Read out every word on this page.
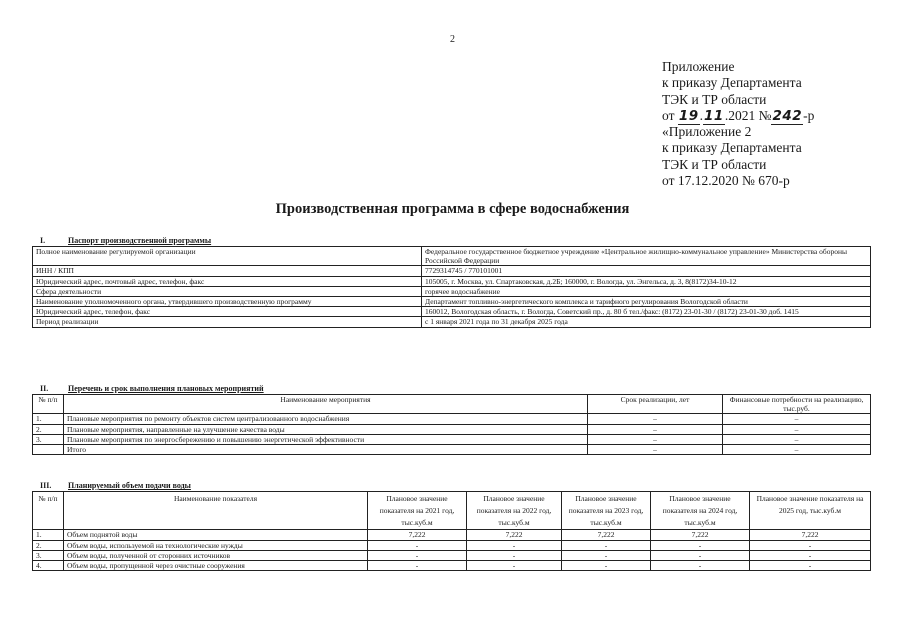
2
Приложение
к приказу Департамента
ТЭК и ТР области
от 19.11.2021 №242-р
«Приложение 2
к приказу Департамента
ТЭК и ТР области
от 17.12.2020 № 670-р
Производственная программа в сфере водоснабжения
I.	Паспорт производственной программы
Полное наименование регулируемой организации	Федеральное государственное бюджетное учреждение «Центральное жилищно-коммунальное управление» Министерства обороны Российской Федерации
ИНН / КПП	7729314745 / 770101001
Юридический адрес, почтовый адрес, телефон, факс	105005, г. Москва, ул. Спартаковская, д.2Б; 160000, г. Вологда, ул. Энгельса, д. 3, 8(8172)34-10-12
Сфера деятельности	горячее водоснабжение
Наименование уполномоченного органа, утвердившего производственную программу	Департамент топливно-энергетического комплекса и тарифного регулирования Вологодской области
Юридический адрес, телефон, факс	160012, Вологодская область, г. Вологда, Советский пр., д. 80 б тел./факс: (8172) 23-01-30 / (8172) 23-01-30 доб. 1415
Период реализации	с 1 января 2021 года по 31 декабря 2025 года
II. Перечень и срок выполнения плановых мероприятий
№ п/п	Наименование мероприятия	Срок реализации, лет	Финансовые потребности на реализацию, тыс.руб.
1.	Плановые мероприятия по ремонту объектов систем централизованного водоснабжения	–	–
2.	Плановые мероприятия, направленные на улучшение качества воды	–	–
3.	Плановые мероприятия по энергосбережению и повышению энергетической эффективности	–	–
	Итого	–	–
III. Планируемый объем подачи воды
№ п/п	Наименование показателя	Плановое значение показателя на 2021 год, тыс.куб.м	Плановое значение показателя на 2022 год, тыс.куб.м	Плановое значение показателя на 2023 год, тыс.куб.м	Плановое значение показателя на 2024 год, тыс.куб.м	Плановое значение показателя на 2025 год, тыс.куб.м
1.	Объем поднятой воды	7,222	7,222	7,222	7,222	7,222
2.	Объем воды, используемой на технологические нужды	-	-	-	-	-
3.	Объем воды, полученной от сторонних источников	-	-	-	-	-
4.	Объем воды, пропущенной через очистные сооружения	-	-	-	-	-
